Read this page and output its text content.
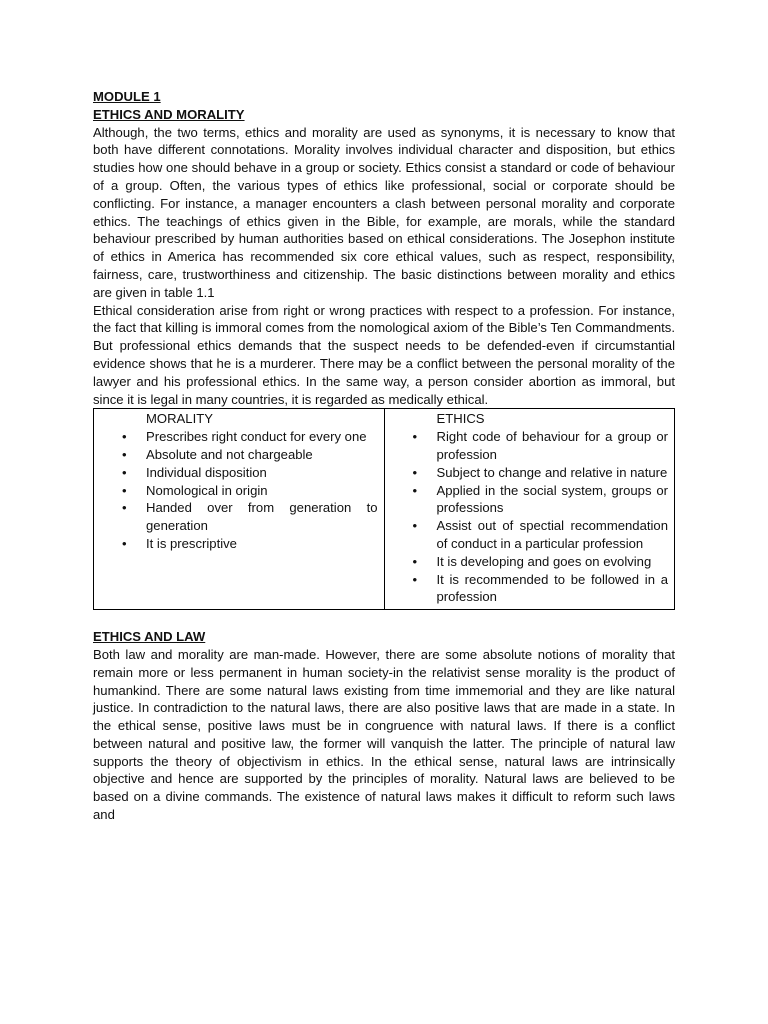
MODULE 1
ETHICS AND MORALITY

Although, the two terms, ethics and morality are used as synonyms, it is necessary to know that both have different connotations. Morality involves individual character and disposition, but ethics studies how one should behave in a group or society. Ethics consist a standard or code of behaviour of a group. Often, the various types of ethics like professional, social or corporate should be conflicting. For instance, a manager encounters a clash between personal morality and corporate ethics. The teachings of ethics given in the Bible, for example, are morals, while the standard behaviour prescribed by human authorities based on ethical considerations. The Josephon institute of ethics in America has recommended six core ethical values, such as respect, responsibility, fairness, care, trustworthiness and citizenship. The basic distinctions between morality and ethics are given in table 1.1

Ethical consideration arise from right or wrong practices with respect to a profession. For instance, the fact that killing is immoral comes from the nomological axiom of the Bible’s Ten Commandments. But professional ethics demands that the suspect needs to be defended-even if circumstantial evidence shows that he is a murderer. There may be a conflict between the personal morality of the lawyer and his professional ethics. In the same way, a person consider abortion as immoral, but since it is legal in many countries, it is regarded as medically ethical.

MORALITY
• Prescribes right conduct for every one
• Absolute and not chargeable
• Individual disposition
• Nomological in origin
• Handed over from generation to generation
• It is prescriptive

ETHICS
• Right code of behaviour for a group or profession
• Subject to change and relative in nature
• Applied in the social system, groups or professions
• Assist out of spectial recommendation of conduct in a particular profession
• It is developing and goes on evolving
• It is recommended to be followed in a profession
ETHICS AND LAW

Both law and morality are man-made. However, there are some absolute notions of morality that remain more or less permanent in human society-in the relativist sense morality is the product of humankind. There are some natural laws existing from time immemorial and they are like natural justice. In contradiction to the natural laws, there are also positive laws that are made in a state. In the ethical sense, positive laws must be in congruence with natural laws. If there is a conflict between natural and positive law, the former will vanquish the latter. The principle of natural law supports the theory of objectivism in ethics. In the ethical sense, natural laws are intrinsically objective and hence are supported by the principles of morality. Natural laws are believed to be based on a divine commands. The existence of natural laws makes it difficult to reform such laws and
